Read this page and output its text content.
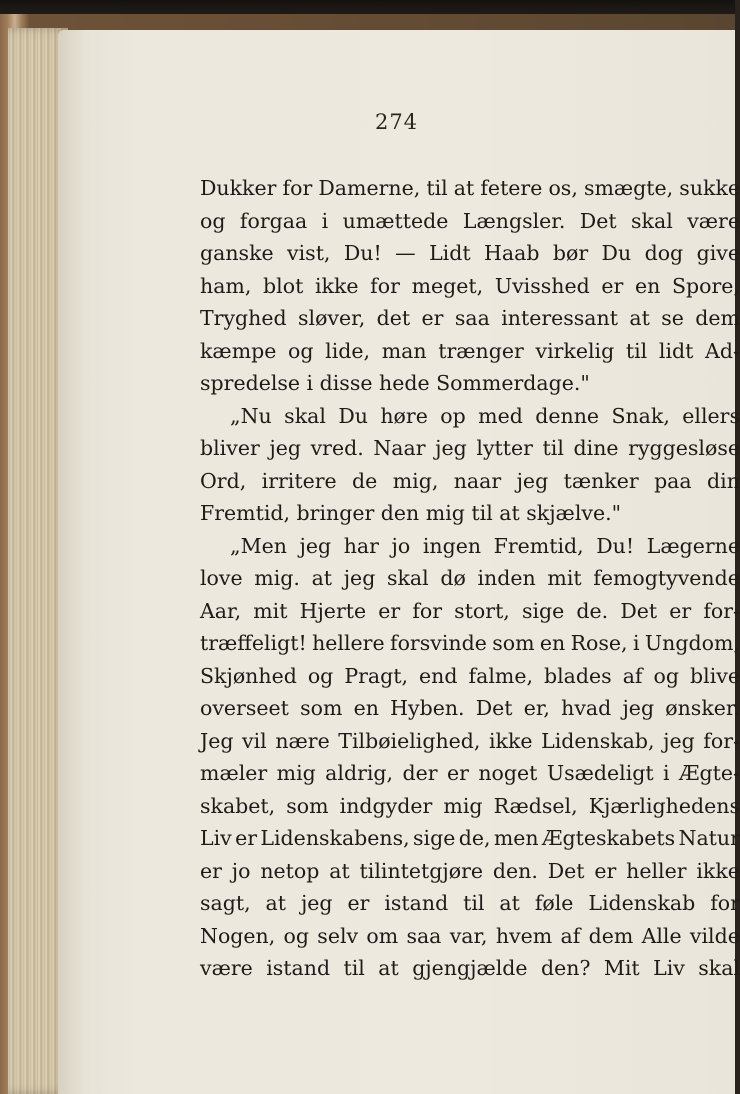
274
Dukker for Damerne, til at fetere os, smægte, sukke
og forgaa i umættede Længsler. Det skal være
ganske vist, Du! — Lidt Haab bør Du dog give
ham, blot ikke for meget, Uvisshed er en Spore,
Tryghed sløver, det er saa interessant at se dem
kæmpe og lide, man trænger virkelig til lidt Ad-
spredelse i disse hede Sommerdage."
„Nu skal Du høre op med denne Snak, ellers
bliver jeg vred. Naar jeg lytter til dine ryggesløse
Ord, irritere de mig, naar jeg tænker paa din
Fremtid, bringer den mig til at skjælve."
„Men jeg har jo ingen Fremtid, Du! Lægerne
love mig. at jeg skal dø inden mit femogtyvende
Aar, mit Hjerte er for stort, sige de. Det er for-
træffeligt! hellere forsvinde som en Rose, i Ungdom,
Skjønhed og Pragt, end falme, blades af og blive
overseet som en Hyben. Det er, hvad jeg ønsker.
Jeg vil nære Tilbøielighed, ikke Lidenskab, jeg for-
mæler mig aldrig, der er noget Usædeligt i Ægte-
skabet, som indgyder mig Rædsel, Kjærlighedens
Liv er Lidenskabens, sige de, men Ægteskabets Natur
er jo netop at tilintetgjøre den. Det er heller ikke
sagt, at jeg er istand til at føle Lidenskab for
Nogen, og selv om saa var, hvem af dem Alle vilde
være istand til at gjengjælde den? Mit Liv skal
